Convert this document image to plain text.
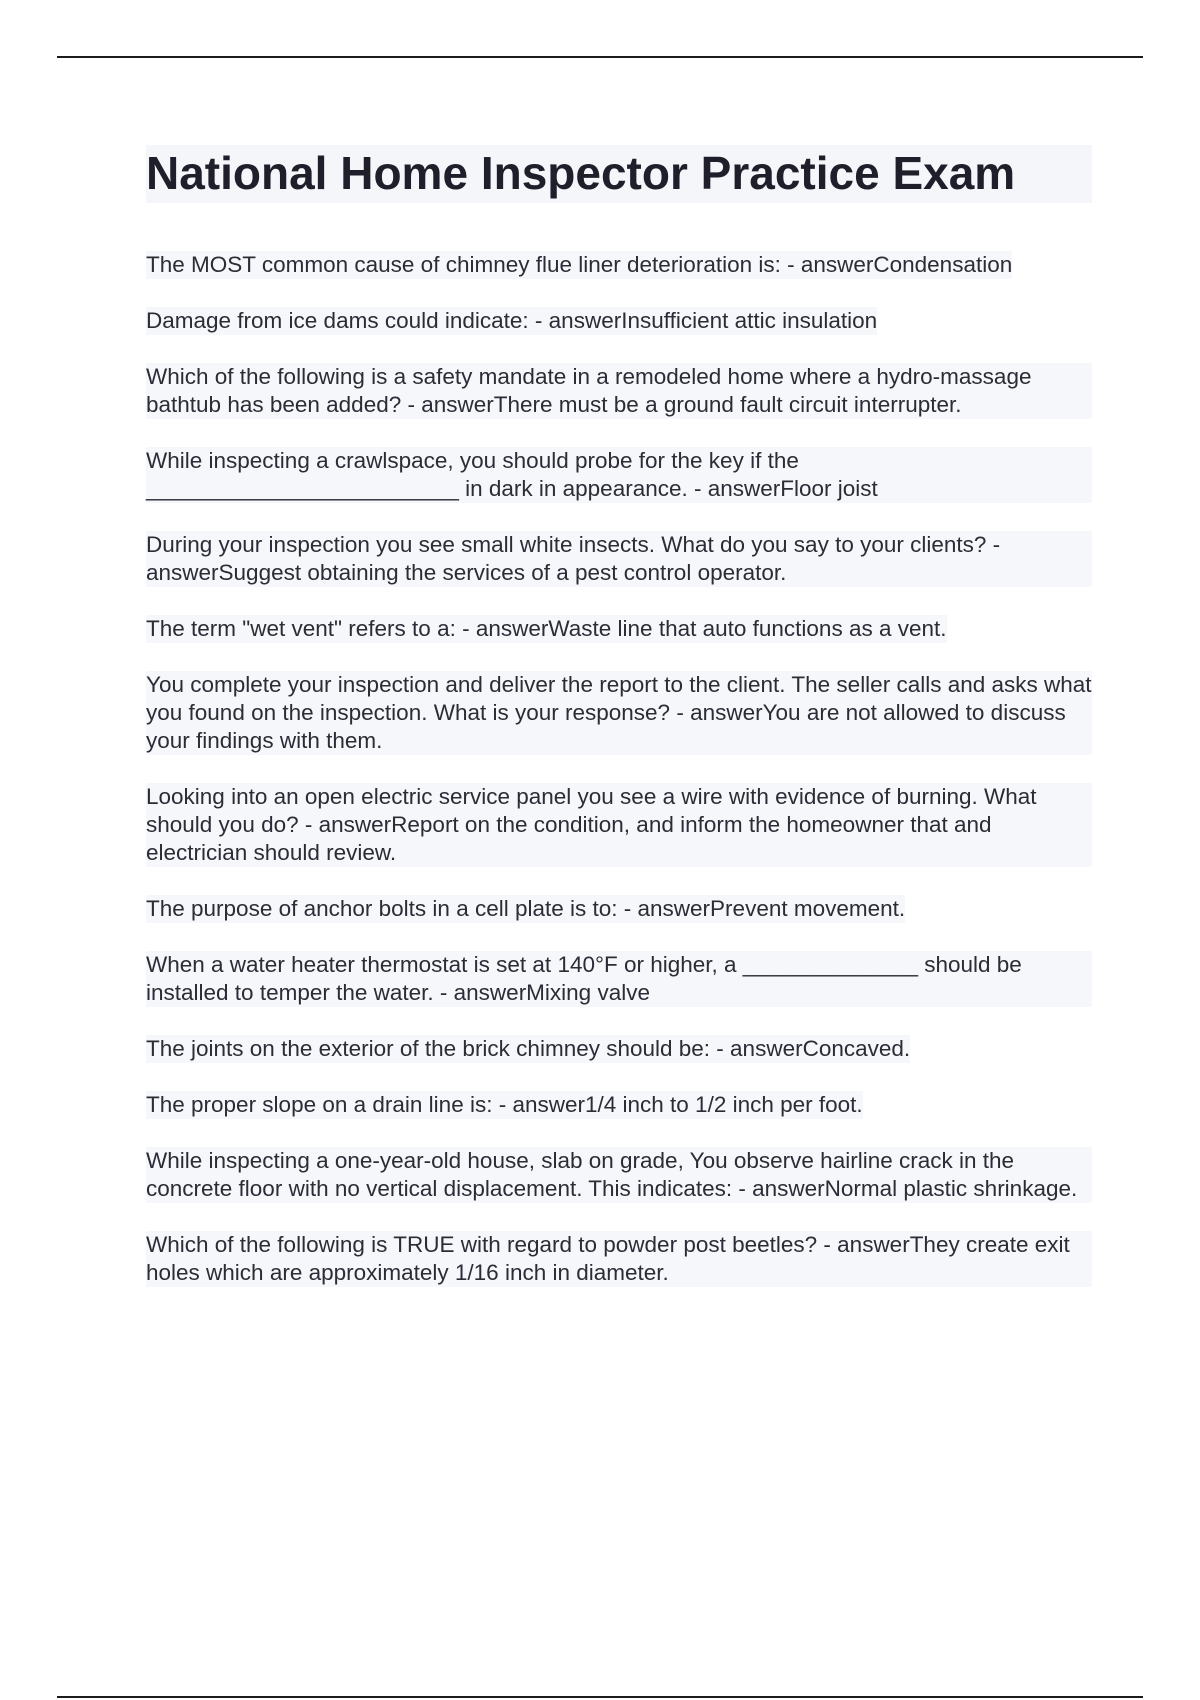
National Home Inspector Practice Exam

The MOST common cause of chimney flue liner deterioration is: - answerCondensation

Damage from ice dams could indicate: - answerInsufficient attic insulation

Which of the following is a safety mandate in a remodeled home where a hydro-massage bathtub has been added? - answerThere must be a ground fault circuit interrupter.

While inspecting a crawlspace, you should probe for the key if the _________________________ in dark in appearance. - answerFloor joist

During your inspection you see small white insects. What do you say to your clients? - answerSuggest obtaining the services of a pest control operator.

The term "wet vent" refers to a: - answerWaste line that auto functions as a vent.

You complete your inspection and deliver the report to the client. The seller calls and asks what you found on the inspection. What is your response? - answerYou are not allowed to discuss your findings with them.

Looking into an open electric service panel you see a wire with evidence of burning. What should you do? - answerReport on the condition, and inform the homeowner that and electrician should review.

The purpose of anchor bolts in a cell plate is to: - answerPrevent movement.

When a water heater thermostat is set at 140°F or higher, a ______________ should be installed to temper the water. - answerMixing valve

The joints on the exterior of the brick chimney should be: - answerConcaved.

The proper slope on a drain line is: - answer1/4 inch to 1/2 inch per foot.

While inspecting a one-year-old house, slab on grade, You observe hairline crack in the concrete floor with no vertical displacement. This indicates: - answerNormal plastic shrinkage.

Which of the following is TRUE with regard to powder post beetles? - answerThey create exit holes which are approximately 1/16 inch in diameter.
